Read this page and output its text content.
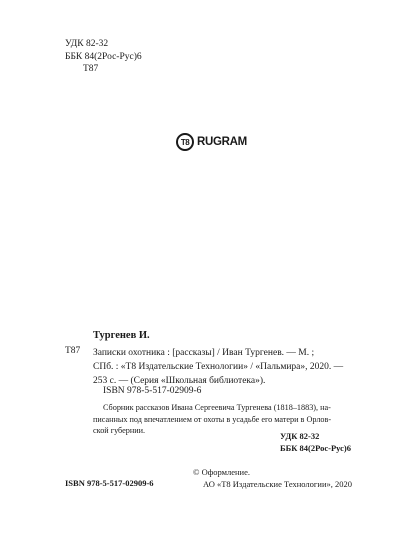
УДК 82-32
ББК 84(2Рос-Рус)6
Т87
T8 RUGRAM
Тургенев И.
Т87 Записки охотника : [рассказы] / Иван Тургенев. — М. ;
СПб. : «Т8 Издательские Технологии» / «Пальмира», 2020. —
253 с. — (Серия «Школьная библиотека»).
ISBN 978-5-517-02909-6
Сборник рассказов Ивана Сергеевича Тургенева (1818–1883), на-
писанных под впечатлением от охоты в усадьбе его матери в Орлов-
ской губернии.
УДК 82-32
ББК 84(2Рос-Рус)6
ISBN 978-5-517-02909-6
© Оформление.
АО «Т8 Издательские Технологии», 2020
